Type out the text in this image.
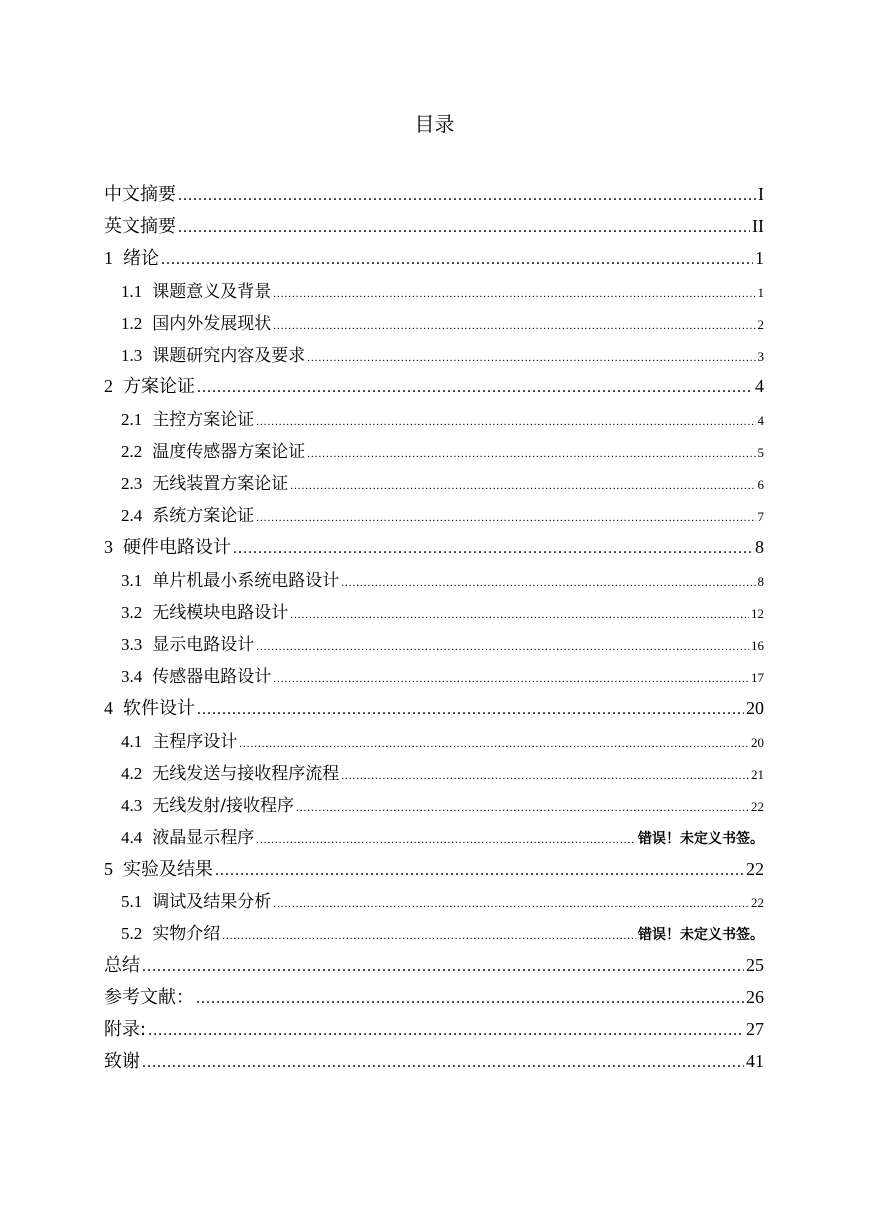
目录
中文摘要 .....	I
英文摘要 .....	II
1 绪论 .....	1
1.1 课题意义及背景 .....	1
1.2 国内外发展现状 .....	2
1.3 课题研究内容及要求 .....	3
2 方案论证 .....	4
2.1 主控方案论证 .....	4
2.2 温度传感器方案论证 .....	5
2.3 无线装置方案论证 .....	6
2.4 系统方案论证 .....	7
3 硬件电路设计 .....	8
3.1 单片机最小系统电路设计 .....	8
3.2 无线模块电路设计 .....	12
3.3 显示电路设计 .....	16
3.4 传感器电路设计 .....	17
4 软件设计 .....	20
4.1 主程序设计 .....	20
4.2 无线发送与接收程序流程 .....	21
4.3 无线发射/接收程序 .....	22
4.4 液晶显示程序 .....	错误！未定义书签。
5 实验及结果 .....	22
5.1 调试及结果分析 .....	22
5.2 实物介绍 .....	错误！未定义书签。
总结 .....	25
参考文献： .....	26
附录: .....	27
致谢 .....	41
